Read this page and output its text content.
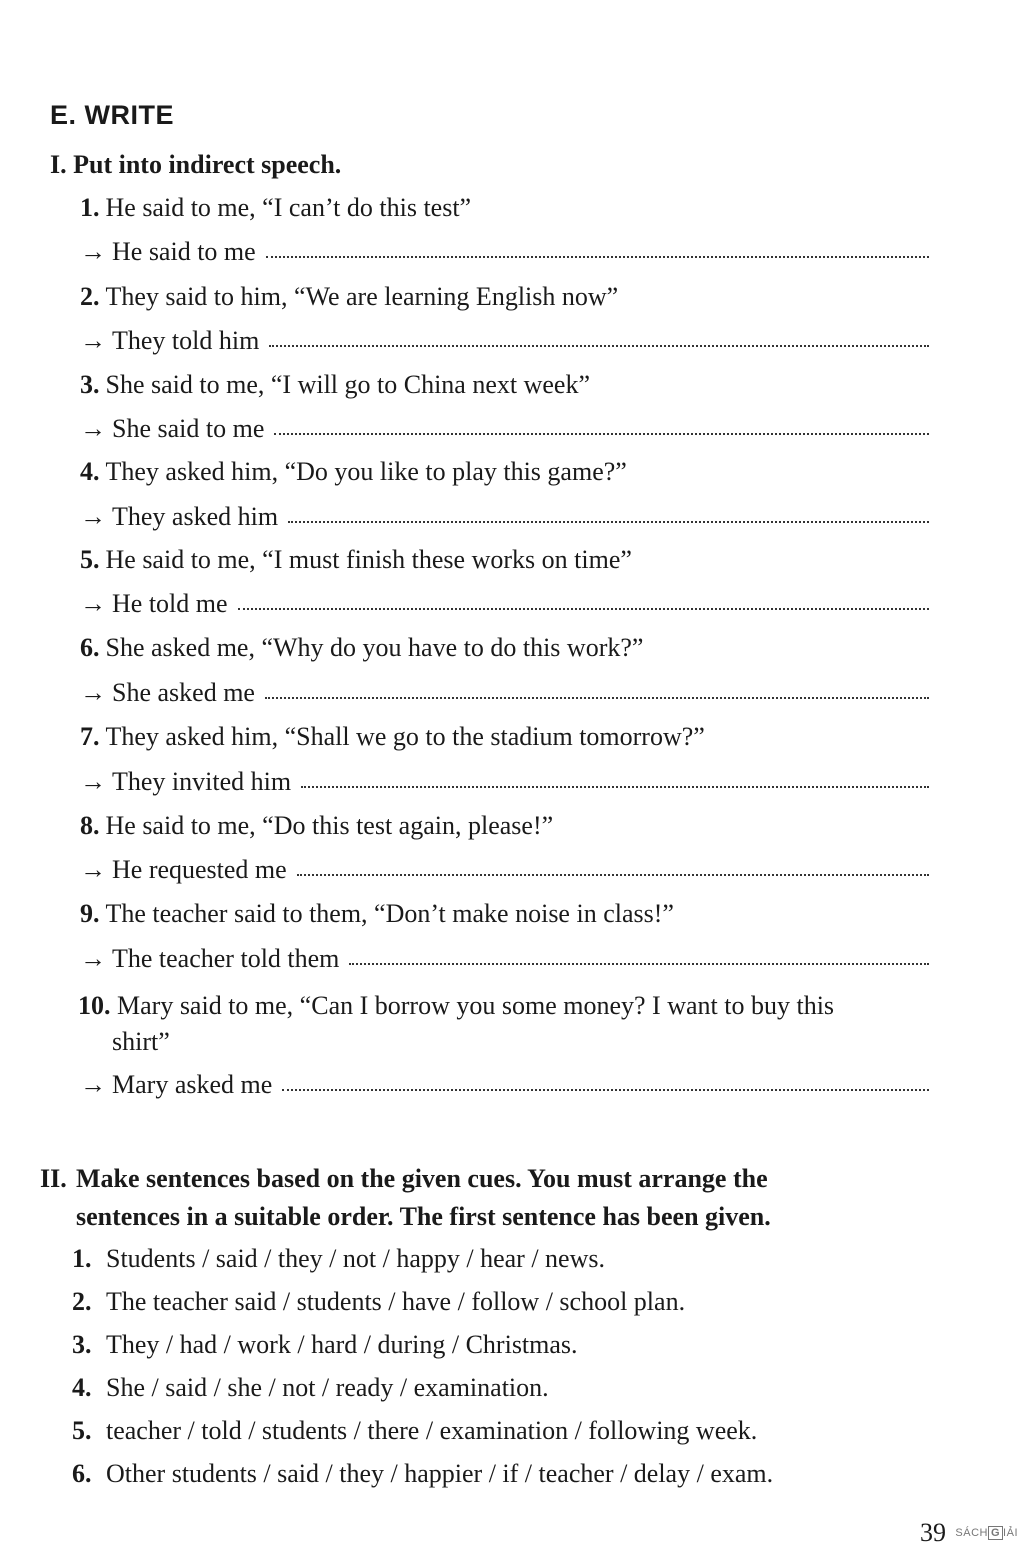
E. WRITE
I. Put into indirect speech.
1. He said to me, “I can’t do this test”
→ He said to me
2. They said to him, “We are learning English now”
→ They told him
3. She said to me, “I will go to China next week”
→ She said to me
4. They asked him, “Do you like to play this game?”
→ They asked him
5. He said to me, “I must finish these works on time”
→ He told me
6. She asked me, “Why do you have to do this work?”
→ She asked me
7. They asked him, “Shall we go to the stadium tomorrow?”
→ They invited him
8. He said to me, “Do this test again, please!”
→ He requested me
9. The teacher said to them, “Don’t make noise in class!”
→ The teacher told them
10. Mary said to me, “Can I borrow you some money? I want to buy this
shirt”
→ Mary asked me
II. Make sentences based on the given cues. You must arrange the
sentences in a suitable order. The first sentence has been given.
1. Students / said / they / not / happy / hear / news.
2. The teacher said / students / have / follow / school plan.
3. They / had / work / hard / during / Christmas.
4. She / said / she / not / ready / examination.
5. teacher / told / students / there / examination / following week.
6. Other students / said / they / happier / if / teacher / delay / exam.
39 SÁCH G IẢI
